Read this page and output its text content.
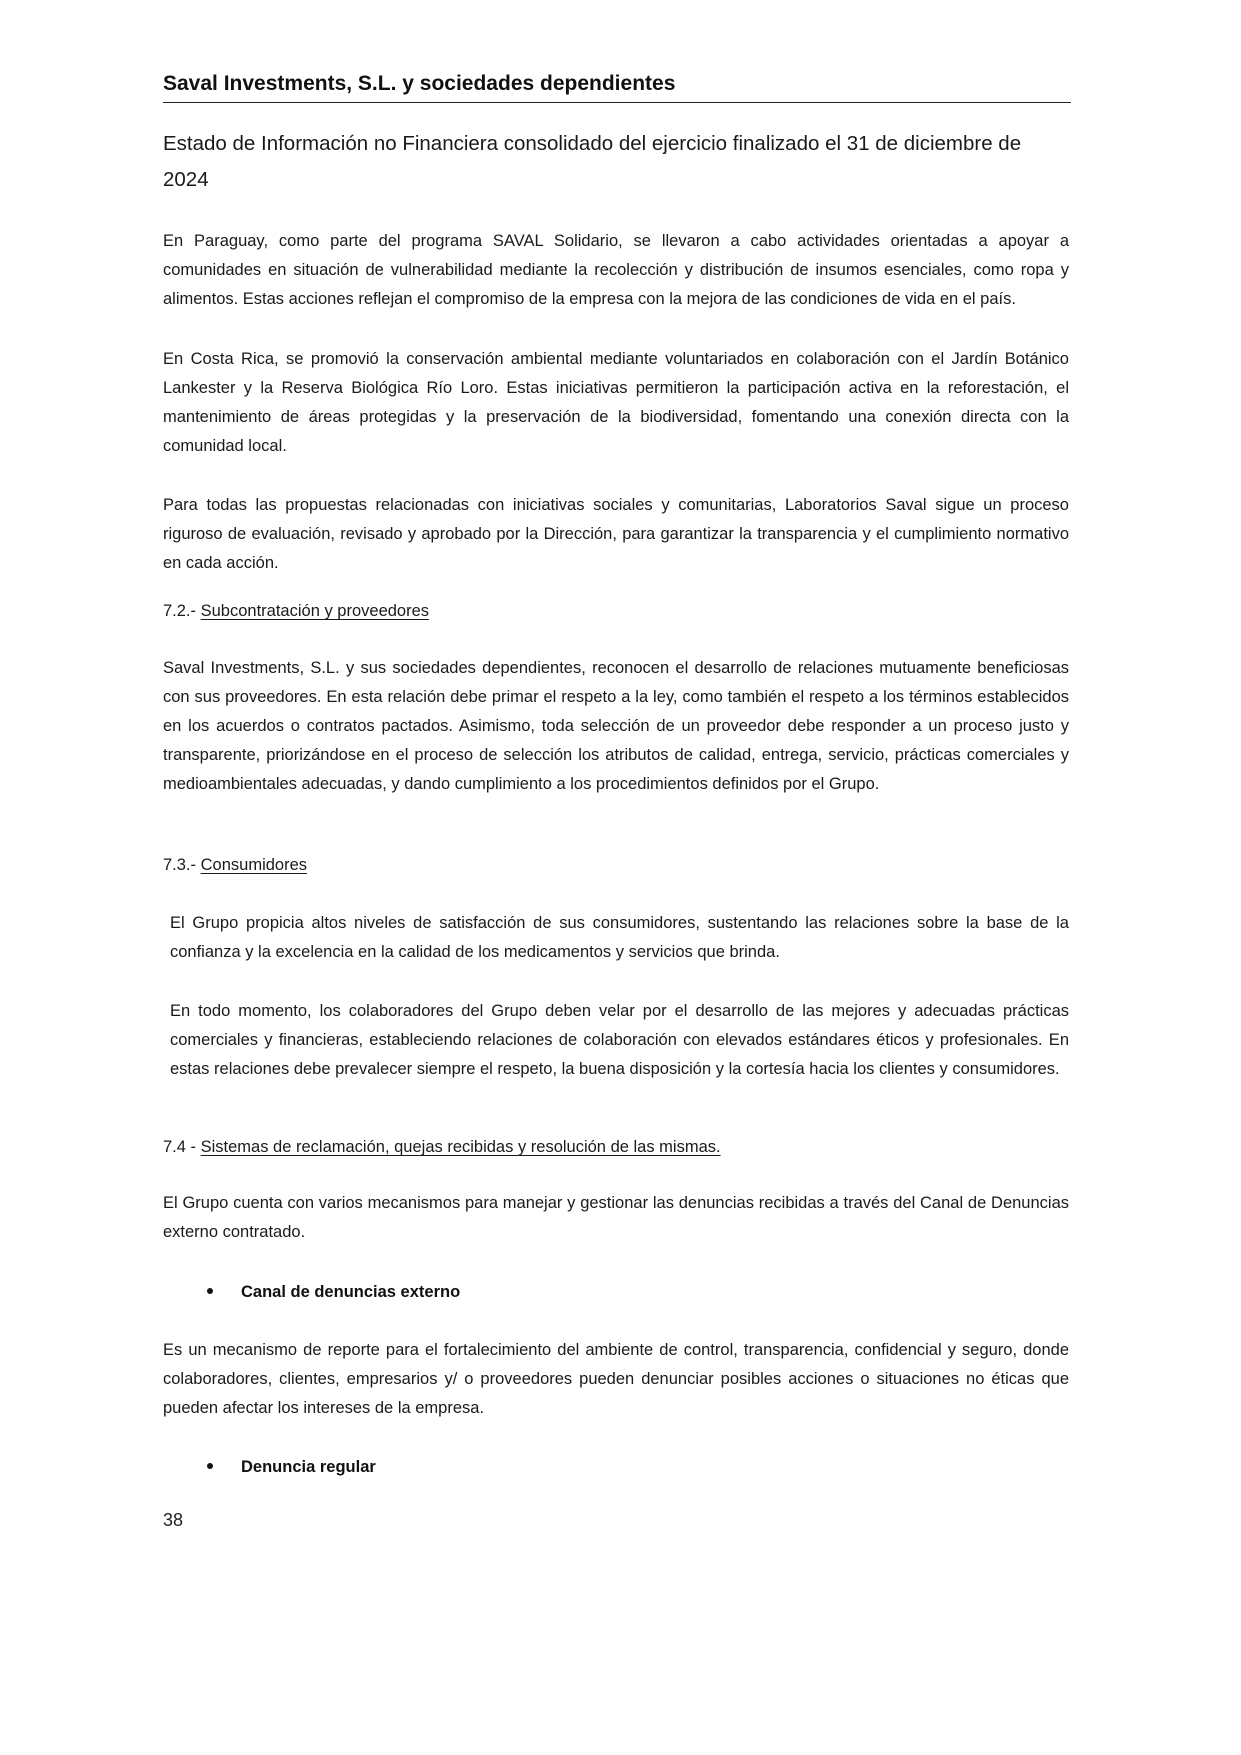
Saval Investments, S.L. y sociedades dependientes
Estado de Información no Financiera consolidado del ejercicio finalizado el 31 de diciembre de 2024

En Paraguay, como parte del programa SAVAL Solidario, se llevaron a cabo actividades orientadas a apoyar a comunidades en situación de vulnerabilidad mediante la recolección y distribución de insumos esenciales, como ropa y alimentos. Estas acciones reflejan el compromiso de la empresa con la mejora de las condiciones de vida en el país.

En Costa Rica, se promovió la conservación ambiental mediante voluntariados en colaboración con el Jardín Botánico Lankester y la Reserva Biológica Río Loro. Estas iniciativas permitieron la participación activa en la reforestación, el mantenimiento de áreas protegidas y la preservación de la biodiversidad, fomentando una conexión directa con la comunidad local.

Para todas las propuestas relacionadas con iniciativas sociales y comunitarias, Laboratorios Saval sigue un proceso riguroso de evaluación, revisado y aprobado por la Dirección, para garantizar la transparencia y el cumplimiento normativo en cada acción.

7.2.- Subcontratación y proveedores

Saval Investments, S.L. y sus sociedades dependientes, reconocen el desarrollo de relaciones mutuamente beneficiosas con sus proveedores. En esta relación debe primar el respeto a la ley, como también el respeto a los términos establecidos en los acuerdos o contratos pactados. Asimismo, toda selección de un proveedor debe responder a un proceso justo y transparente, priorizándose en el proceso de selección los atributos de calidad, entrega, servicio, prácticas comerciales y medioambientales adecuadas, y dando cumplimiento a los procedimientos definidos por el Grupo.

7.3.- Consumidores

El Grupo propicia altos niveles de satisfacción de sus consumidores, sustentando las relaciones sobre la base de la confianza y la excelencia en la calidad de los medicamentos y servicios que brinda.

En todo momento, los colaboradores del Grupo deben velar por el desarrollo de las mejores y adecuadas prácticas comerciales y financieras, estableciendo relaciones de colaboración con elevados estándares éticos y profesionales. En estas relaciones debe prevalecer siempre el respeto, la buena disposición y la cortesía hacia los clientes y consumidores.

7.4 - Sistemas de reclamación, quejas recibidas y resolución de las mismas.

El Grupo cuenta con varios mecanismos para manejar y gestionar las denuncias recibidas a través del Canal de Denuncias externo contratado.

Canal de denuncias externo

Es un mecanismo de reporte para el fortalecimiento del ambiente de control, transparencia, confidencial y seguro, donde colaboradores, clientes, empresarios y/ o proveedores pueden denunciar posibles acciones o situaciones no éticas que pueden afectar los intereses de la empresa.

Denuncia regular

38
